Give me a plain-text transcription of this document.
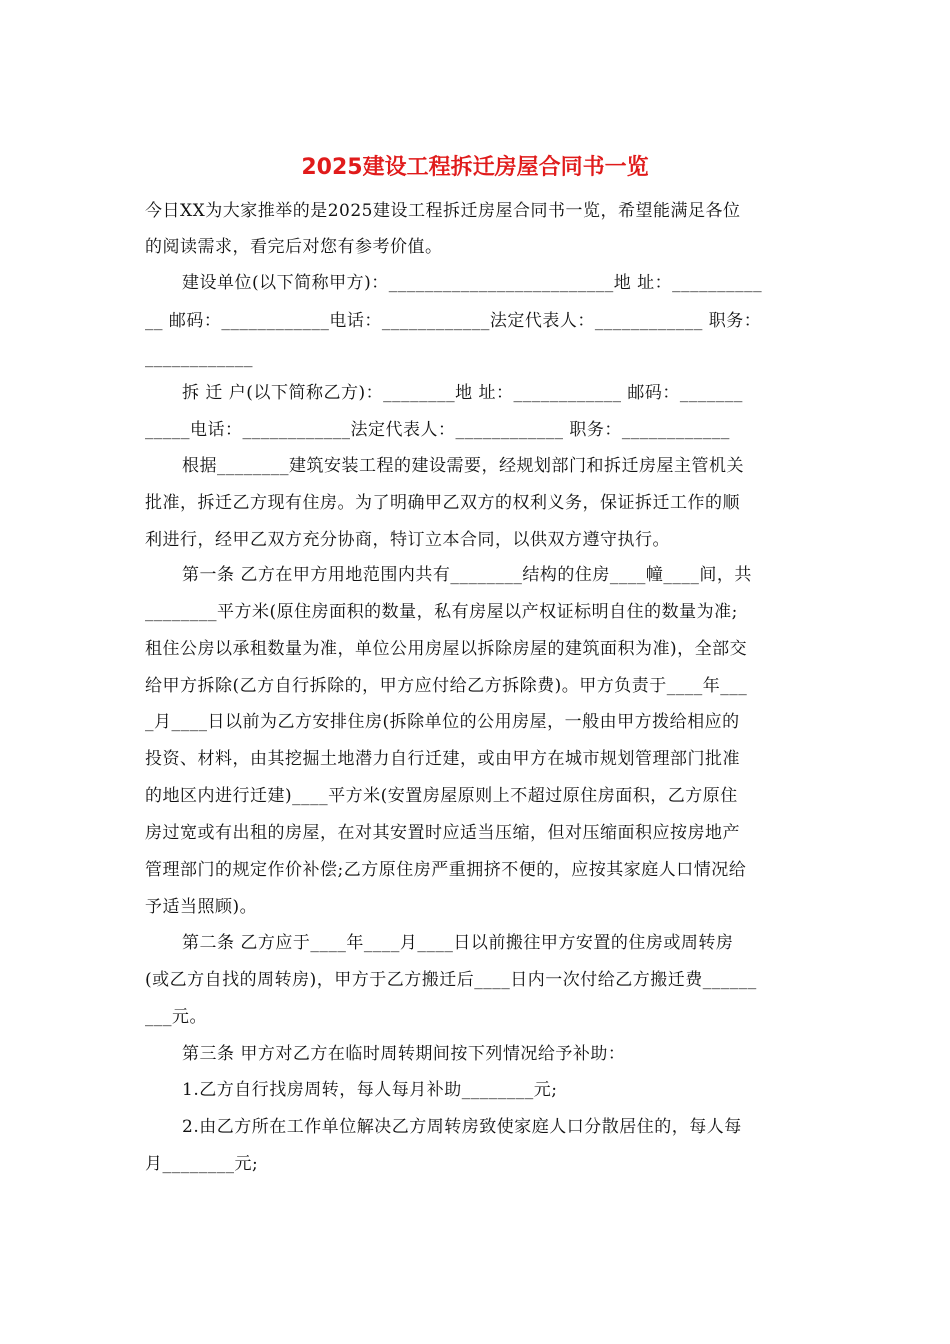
2025建设工程拆迁房屋合同书一览
今日XX为大家推举的是2025建设工程拆迁房屋合同书一览，希望能满足各位
的阅读需求，看完后对您有参考价值。
建设单位(以下简称甲方)：_________________________地 址：__________
__ 邮码：____________电话：____________法定代表人：____________ 职务：
____________
拆 迁 户(以下简称乙方)：________地 址：____________ 邮码：_______
_____电话：____________法定代表人：____________ 职务：____________
根据________建筑安装工程的建设需要，经规划部门和拆迁房屋主管机关
批准，拆迁乙方现有住房。为了明确甲乙双方的权利义务，保证拆迁工作的顺
利进行，经甲乙双方充分协商，特订立本合同，以供双方遵守执行。
第一条 乙方在甲方用地范围内共有________结构的住房____幢____间，共
________平方米(原住房面积的数量，私有房屋以产权证标明自住的数量为准;
租住公房以承租数量为准，单位公用房屋以拆除房屋的建筑面积为准)，全部交
给甲方拆除(乙方自行拆除的，甲方应付给乙方拆除费)。甲方负责于____年___
_月____日以前为乙方安排住房(拆除单位的公用房屋，一般由甲方拨给相应的
投资、材料，由其挖掘土地潜力自行迁建，或由甲方在城市规划管理部门批准
的地区内进行迁建)____平方米(安置房屋原则上不超过原住房面积，乙方原住
房过宽或有出租的房屋，在对其安置时应适当压缩，但对压缩面积应按房地产
管理部门的规定作价补偿;乙方原住房严重拥挤不便的，应按其家庭人口情况给
予适当照顾)。
第二条 乙方应于____年____月____日以前搬往甲方安置的住房或周转房
(或乙方自找的周转房)，甲方于乙方搬迁后____日内一次付给乙方搬迁费______
___元。
第三条 甲方对乙方在临时周转期间按下列情况给予补助：
1.乙方自行找房周转，每人每月补助________元;
2.由乙方所在工作单位解决乙方周转房致使家庭人口分散居住的，每人每
月________元;
